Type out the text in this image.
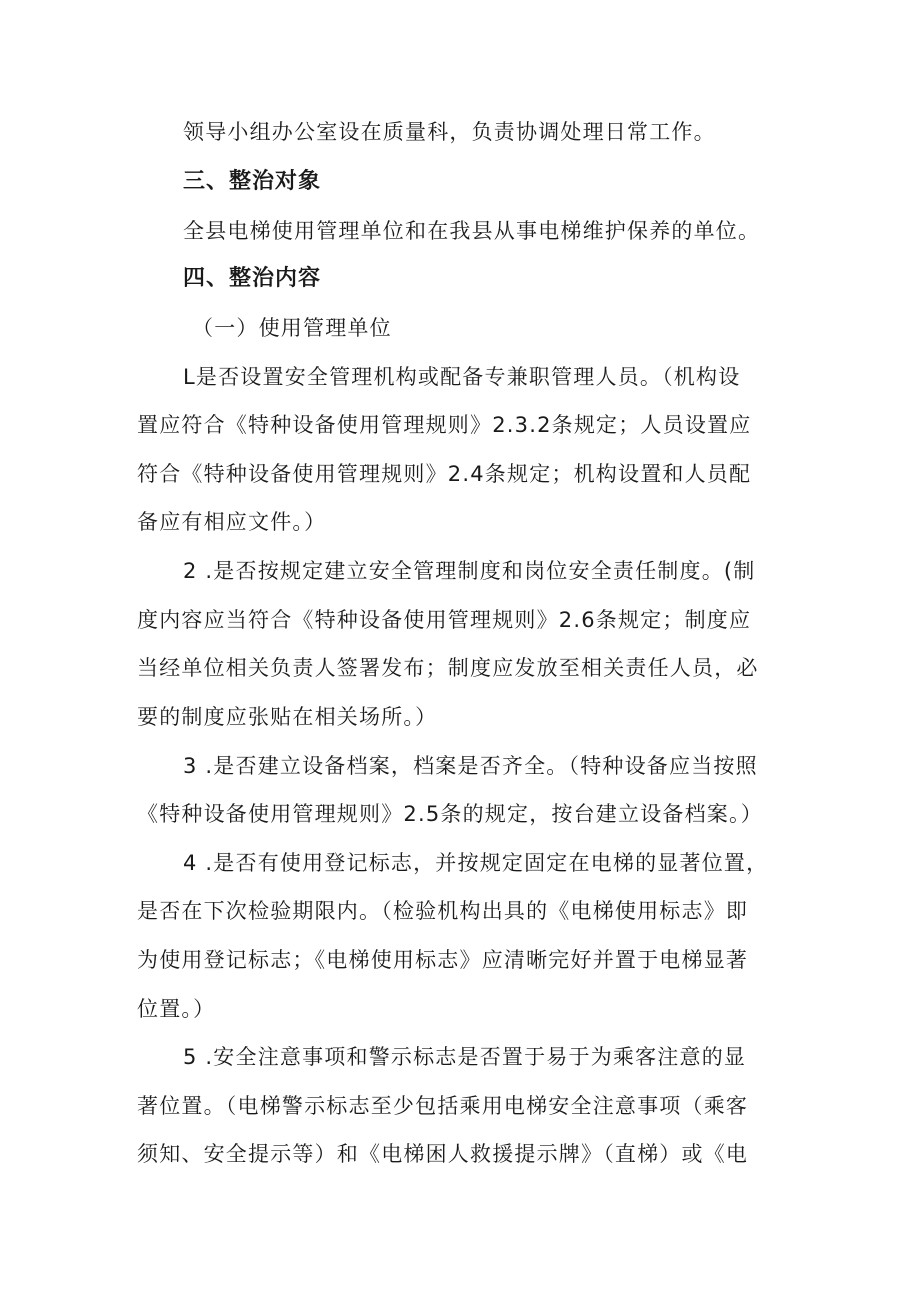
领导小组办公室设在质量科，负责协调处理日常工作。
三、整治对象
全县电梯使用管理单位和在我县从事电梯维护保养的单位。
四、整治内容
（一）使用管理单位
L是否设置安全管理机构或配备专兼职管理人员。（机构设
置应符合《特种设备使用管理规则》2.3.2条规定；人员设置应
符合《特种设备使用管理规则》2.4条规定；机构设置和人员配
备应有相应文件。）
2 .是否按规定建立安全管理制度和岗位安全责任制度。(制
度内容应当符合《特种设备使用管理规则》2.6条规定；制度应
当经单位相关负责人签署发布；制度应发放至相关责任人员，必
要的制度应张贴在相关场所。）
3 .是否建立设备档案，档案是否齐全。（特种设备应当按照
《特种设备使用管理规则》2.5条的规定，按台建立设备档案。）
4 .是否有使用登记标志，并按规定固定在电梯的显著位置，
是否在下次检验期限内。（检验机构出具的《电梯使用标志》即
为使用登记标志；《电梯使用标志》应清晰完好并置于电梯显著
位置。）
5 .安全注意事项和警示标志是否置于易于为乘客注意的显
著位置。（电梯警示标志至少包括乘用电梯安全注意事项（乘客
须知、安全提示等）和《电梯困人救援提示牌》（直梯）或《电
